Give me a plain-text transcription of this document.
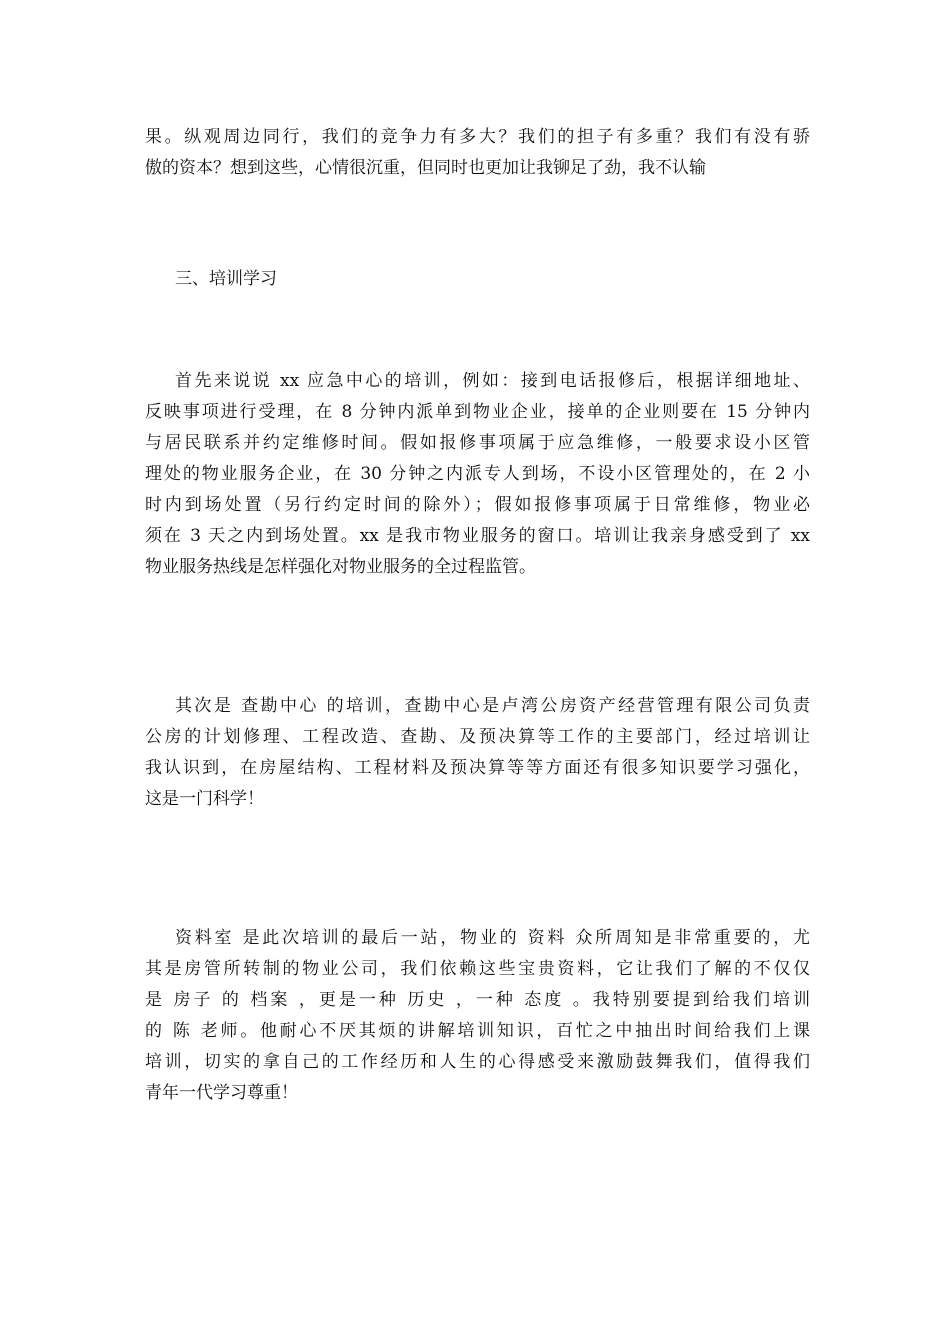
果。纵观周边同行，我们的竞争力有多大？我们的担子有多重？我们有没有骄
傲的资本？想到这些，心情很沉重，但同时也更加让我铆足了劲，我不认输
三、培训学习
首先来说说 xx 应急中心的培训，例如：接到电话报修后，根据详细地址、
反映事项进行受理，在 8 分钟内派单到物业企业，接单的企业则要在 15 分钟内
与居民联系并约定维修时间。假如报修事项属于应急维修，一般要求设小区管
理处的物业服务企业，在 30 分钟之内派专人到场，不设小区管理处的，在 2 小
时内到场处置（另行约定时间的除外）；假如报修事项属于日常维修，物业必
须在 3 天之内到场处置。xx 是我市物业服务的窗口。培训让我亲身感受到了 xx
物业服务热线是怎样强化对物业服务的全过程监管。
其次是 查勘中心 的培训，查勘中心是卢湾公房资产经营管理有限公司负责
公房的计划修理、工程改造、查勘、及预决算等工作的主要部门，经过培训让
我认识到，在房屋结构、工程材料及预决算等等方面还有很多知识要学习强化，
这是一门科学！
资料室 是此次培训的最后一站，物业的 资料 众所周知是非常重要的，尤
其是房管所转制的物业公司，我们依赖这些宝贵资料，它让我们了解的不仅仅
是 房子 的 档案 ，更是一种 历史 ，一种 态度 。我特别要提到给我们培训
的 陈 老师。他耐心不厌其烦的讲解培训知识，百忙之中抽出时间给我们上课
培训，切实的拿自己的工作经历和人生的心得感受来激励鼓舞我们，值得我们
青年一代学习尊重！
